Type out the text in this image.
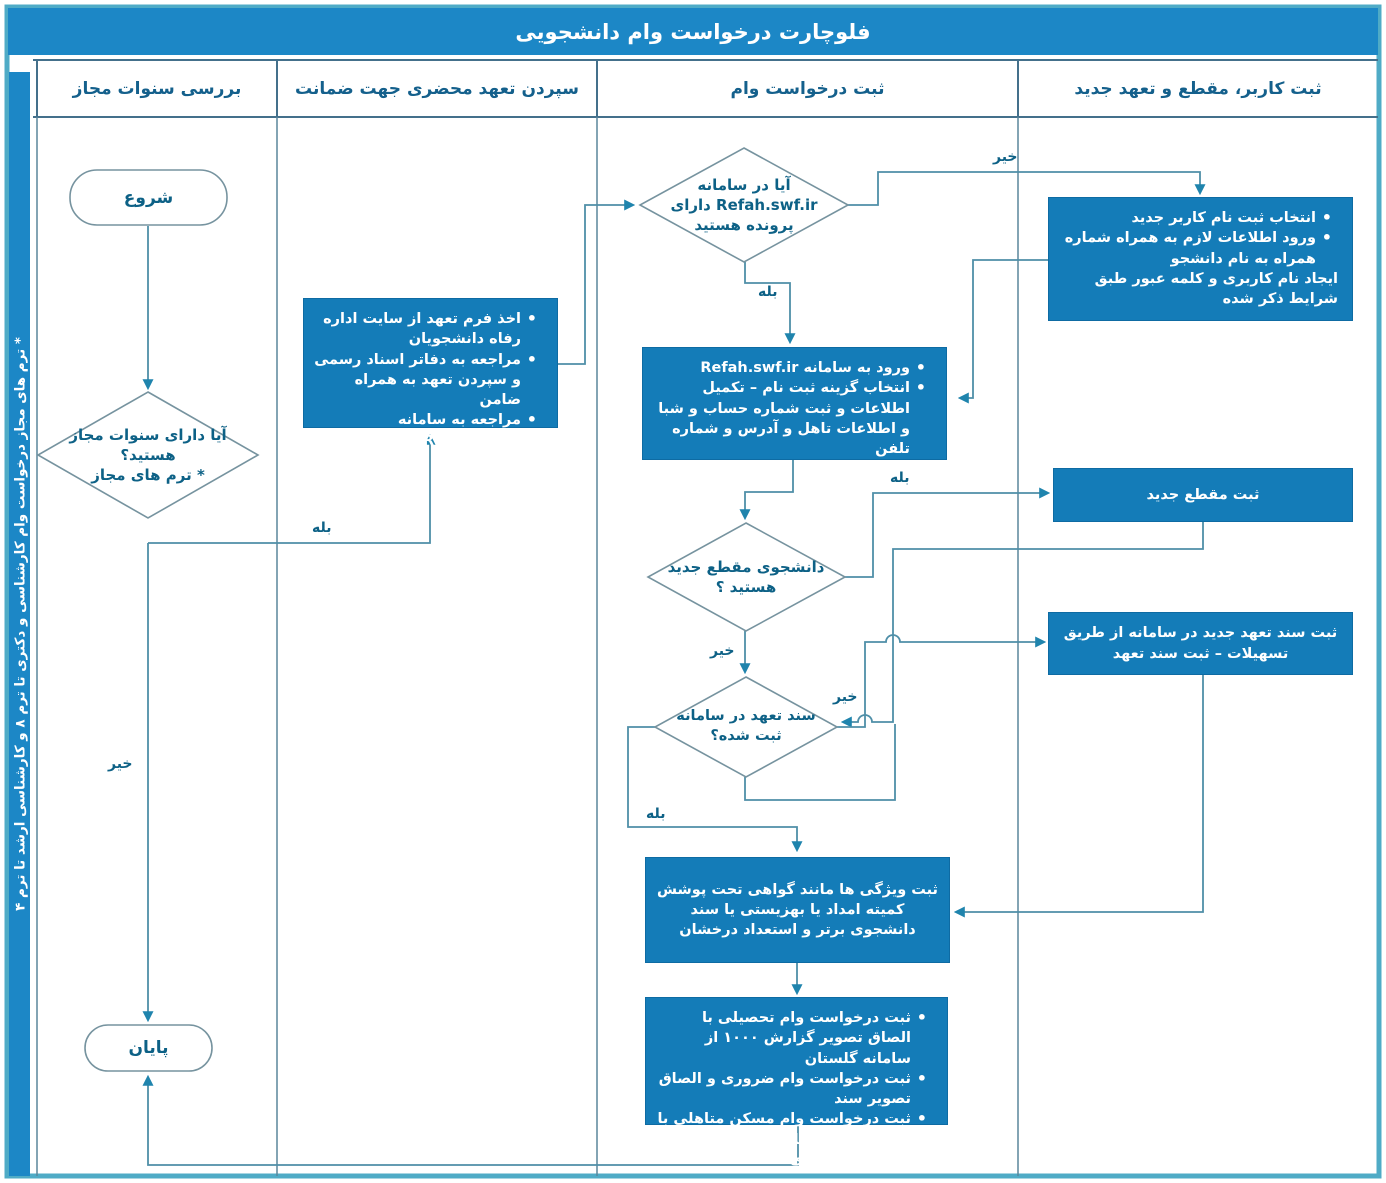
فلوچارت درخواست وام دانشجویی
ثبت کاربر، مقطع و تعهد جدید
ثبت درخواست وام
سپردن تعهد محضری جهت ضمانت
بررسی سنوات مجاز
* ترم های مجاز درخواست وام کارشناسی و دکتری تا ترم ۸ و کارشناسی ارشد تا ترم ۴
شروع
پایان
آیا دارای سنوات مجاز هستید؟
* ترم های مجاز
آیا در سامانه Refah.swf.ir دارای پرونده هستید
دانشجوی مقطع جدید هستید ؟
سند تعهد در سامانه ثبت شده؟
• اخذ فرم تعهد از سایت اداره رفاه دانشجویان
• مراجعه به دفاتر اسناد رسمی و سپردن تعهد به همراه ضامن
• مراجعه به سامانه Refah.swf.ir
• انتخاب ثبت نام کاربر جدید
• ورود اطلاعات لازم به همراه شماره همراه به نام دانشجو
ایجاد نام کاربری و کلمه عبور طبق شرایط ذکر شده
• ورود به سامانه Refah.swf.ir
• انتخاب گزینه ثبت نام – تکمیل اطلاعات و ثبت شماره حساب و شبا و اطلاعات تاهل و آدرس و شماره تلفن
ثبت مقطع جدید
ثبت سند تعهد جدید در سامانه از طریق تسهیلات – ثبت سند تعهد
ثبت ویژگی ها مانند گواهی تحت پوشش کمیته امداد یا بهزیستی یا سند دانشجوی برتر و استعداد درخشان
• ثبت درخواست وام تحصیلی با الصاق تصویر گزارش ۱۰۰۰ از سامانه گلستان
• ثبت درخواست وام ضروری و الصاق تصویر سند
• ثبت درخواست وام مسکن متاهلی با الصاق تصویر اجاره نامه رسمی دارای کد رهگیری
بله
خیر
خیر
بله
بله
خیر
خیر
بله
